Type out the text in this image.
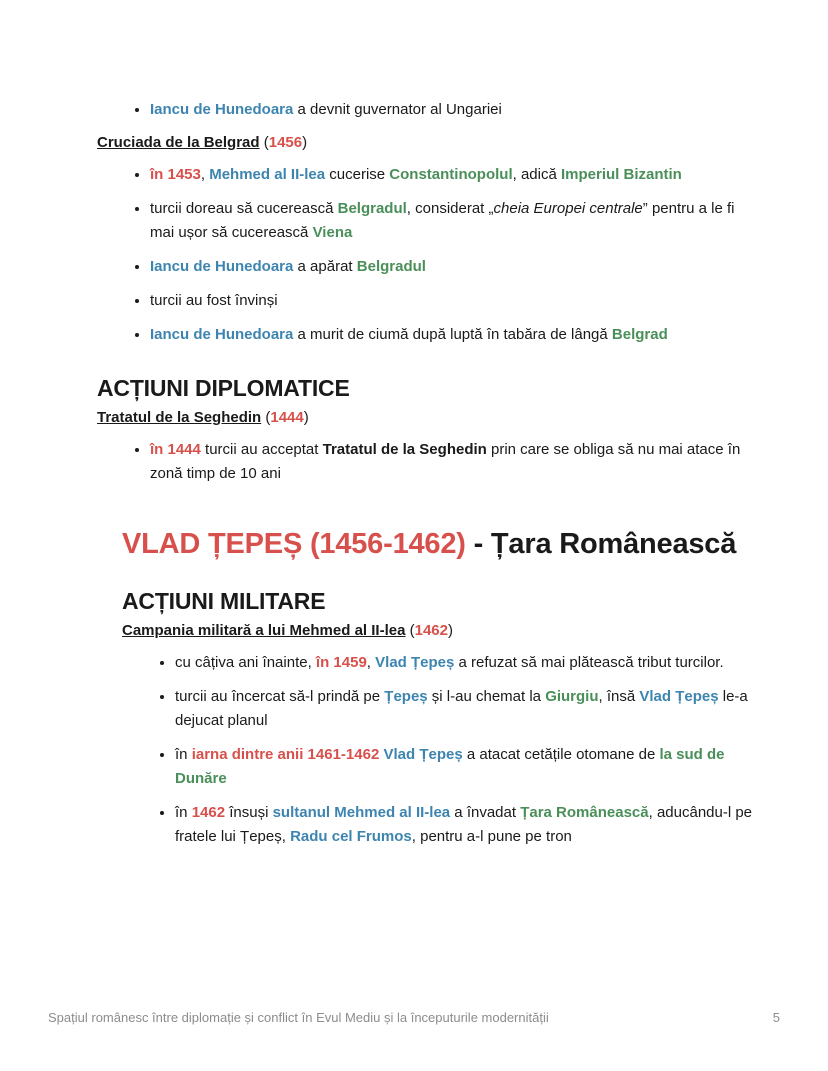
• Iancu de Hunedoara a devnit guvernator al Ungariei
Cruciada de la Belgrad (1456)
• în 1453, Mehmed al II-lea cucerise Constantinopolul, adică Imperiul Bizantin
• turcii doreau să cucerească Belgradul, considerat „cheia Europei centrale” pentru a le fi mai ușor să cucerească Viena
• Iancu de Hunedoara a apărat Belgradul
• turcii au fost învinși
• Iancu de Hunedoara a murit de ciumă după luptă în tabăra de lângă Belgrad
ACȚIUNI DIPLOMATICE
Tratatul de la Seghedin (1444)
• în 1444 turcii au acceptat Tratatul de la Seghedin prin care se obliga să nu mai atace în zonă timp de 10 ani
VLAD ȚEPEȘ (1456-1462) - Țara Românească
ACȚIUNI MILITARE
Campania militară a lui Mehmed al II-lea (1462)
• cu câțiva ani înainte, în 1459, Vlad Țepeș a refuzat să mai plătească tribut turcilor.
• turcii au încercat să-l prindă pe Țepeș și l-au chemat la Giurgiu, însă Vlad Țepeș le-a dejucat planul
• în iarna dintre anii 1461-1462 Vlad Țepeș a atacat cetățile otomane de la sud de Dunăre
• în 1462 însuși sultanul Mehmed al II-lea a învadat Țara Românească, aducându-l pe fratele lui Țepeș, Radu cel Frumos, pentru a-l pune pe tron
Spațiul românesc între diplomație și conflict în Evul Mediu și la începuturile modernității	5
